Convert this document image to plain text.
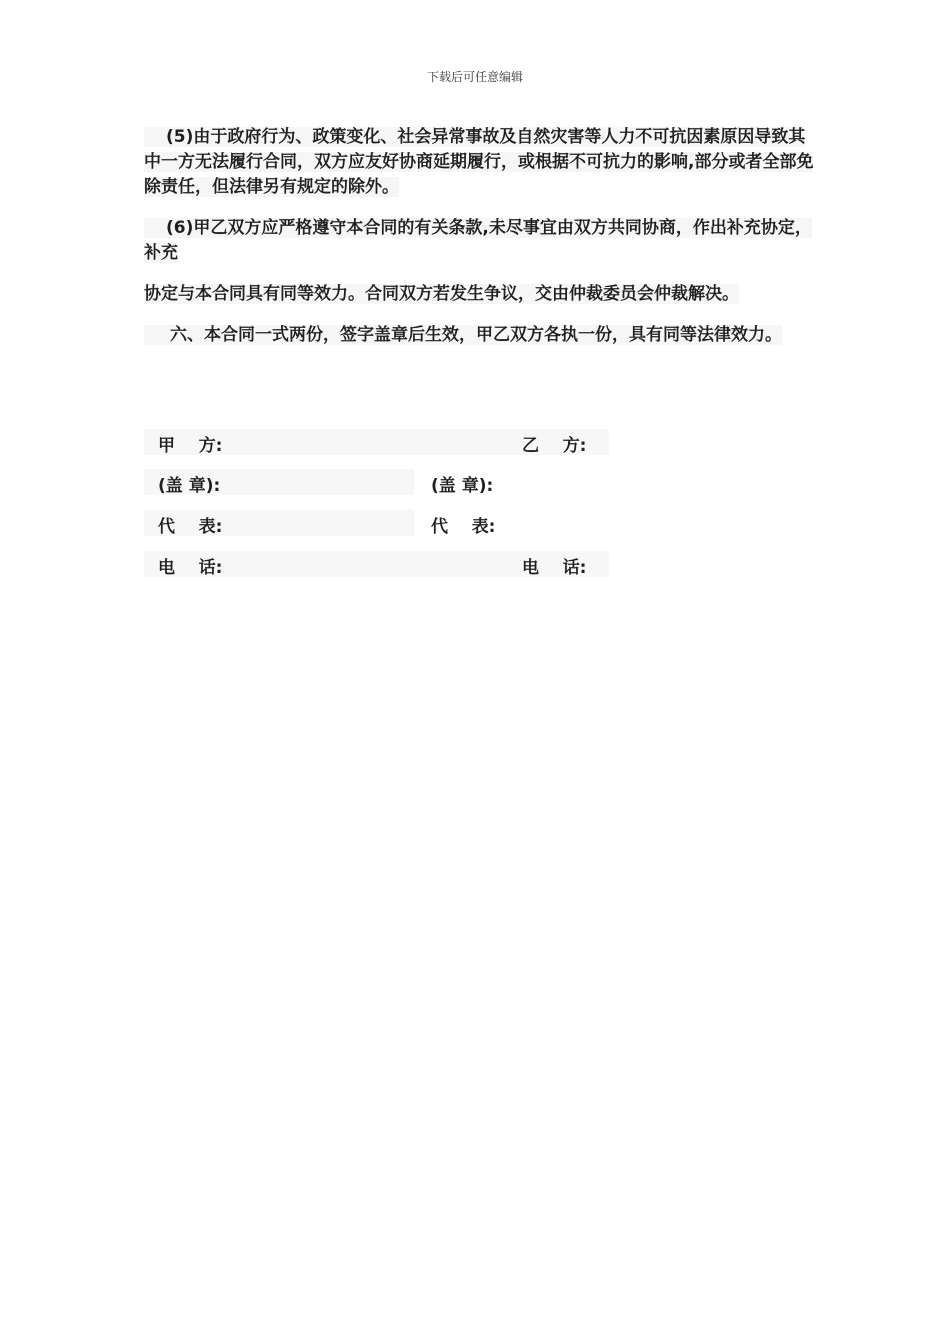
下载后可任意编辑

(5)由于政府行为、政策变化、社会异常事故及自然灾害等人力不可抗因素原因导致其中一方无法履行合同，双方应友好协商延期履行，或根据不可抗力的影响,部分或者全部免除责任，但法律另有规定的除外。

(6)甲乙双方应严格遵守本合同的有关条款,未尽事宜由双方共同协商，作出补充协定，补充

协定与本合同具有同等效力。合同双方若发生争议，交由仲裁委员会仲裁解决。

六、本合同一式两份，签字盖章后生效，甲乙双方各执一份，具有同等法律效力。

甲    方:	乙    方:
(盖 章):	(盖 章):
代    表:	代    表:
电    话:	电    话:
